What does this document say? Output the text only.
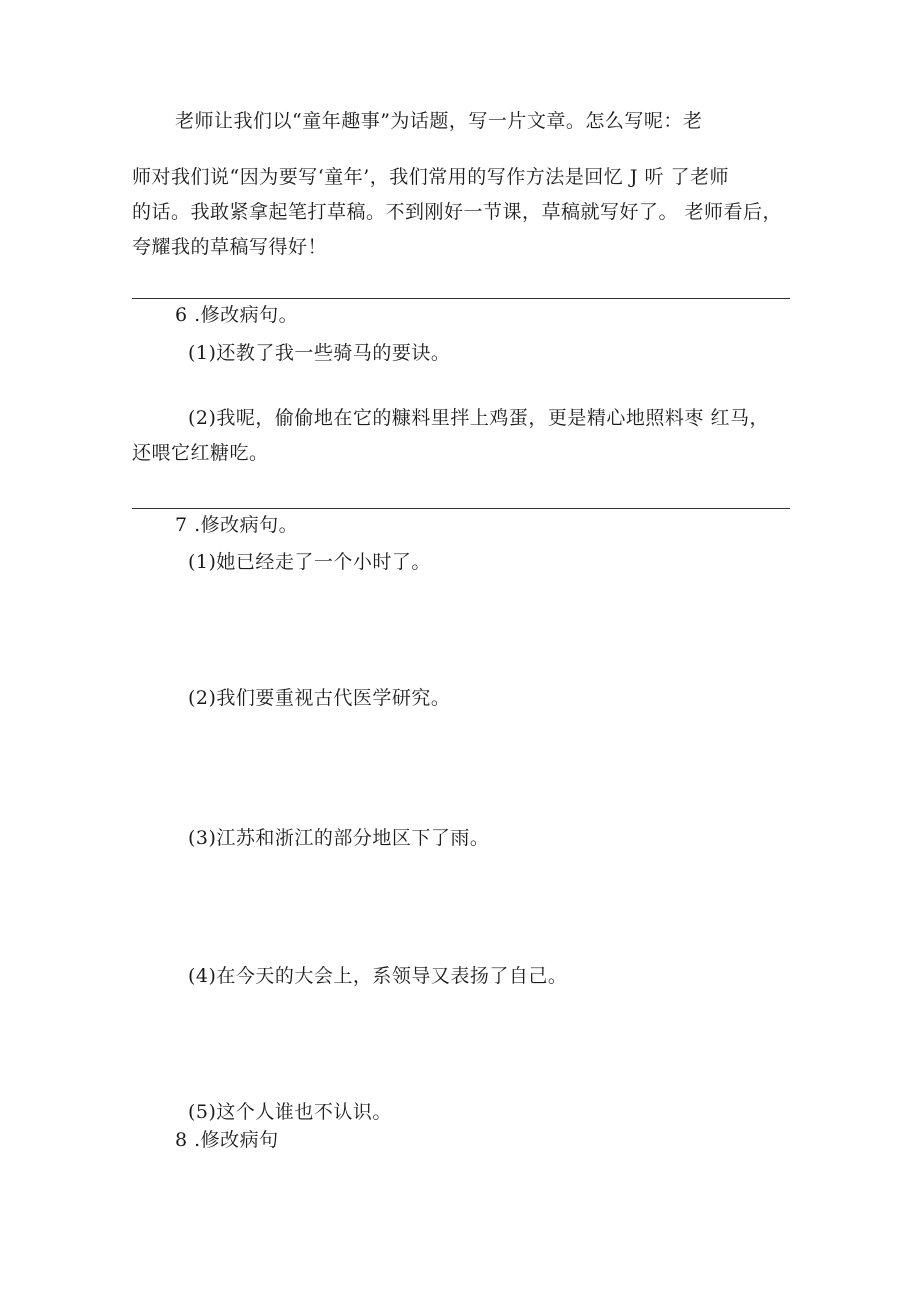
老师让我们以“童年趣事”为话题，写一片文章。怎么写呢：老
师对我们说“因为要写‘童年’，我们常用的写作方法是回忆 J 听 了老师
的话。我敢紧拿起笔打草稿。不到刚好一节课，草稿就写好了。 老师看后，
夸耀我的草稿写得好！
6 .修改病句。
(1)还教了我一些骑马的要诀。
(2)我呢，偷偷地在它的糠料里拌上鸡蛋，更是精心地照料枣 红马，
还喂它红糖吃。
7 .修改病句。
(1)她已经走了一个小时了。
(2)我们要重视古代医学研究。
(3)江苏和浙江的部分地区下了雨。
(4)在今天的大会上，系领导又表扬了自己。
(5)这个人谁也不认识。
8 .修改病句
